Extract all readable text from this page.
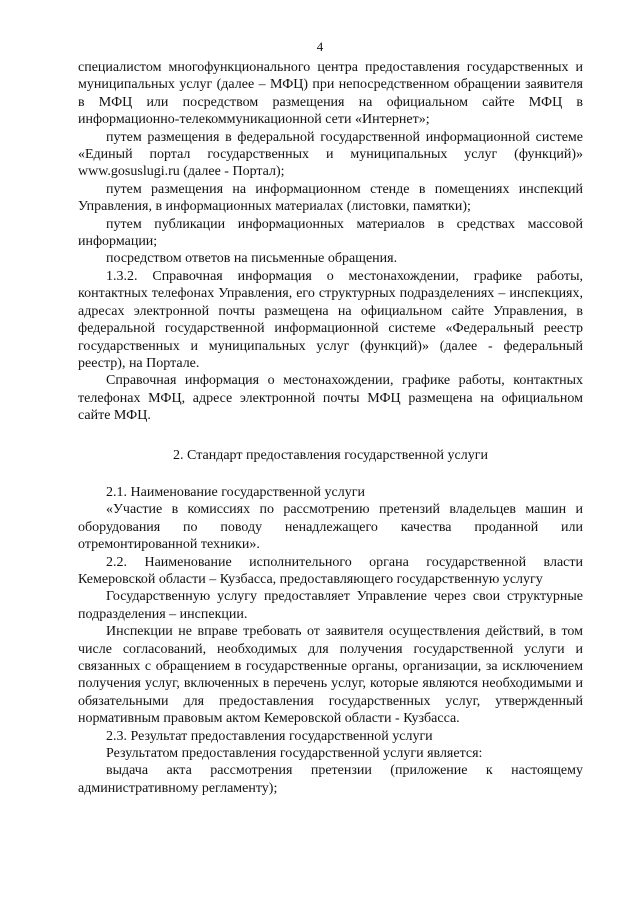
4

специалистом многофункционального центра предоставления государственных и муниципальных услуг (далее – МФЦ) при непосредственном обращении заявителя в МФЦ или посредством размещения на официальном сайте МФЦ в информационно-телекоммуникационной сети «Интернет»;

путем размещения в федеральной государственной информационной системе «Единый портал государственных и муниципальных услуг (функций)» www.gosuslugi.ru (далее - Портал);

путем размещения на информационном стенде в помещениях инспекций Управления, в информационных материалах (листовки, памятки);

путем публикации информационных материалов в средствах массовой информации;

посредством ответов на письменные обращения.

1.3.2. Справочная информация о местонахождении, графике работы, контактных телефонах Управления, его структурных подразделениях – инспекциях, адресах электронной почты размещена на официальном сайте Управления, в федеральной государственной информационной системе «Федеральный реестр государственных и муниципальных услуг (функций)» (далее - федеральный реестр), на Портале.

Справочная информация о местонахождении, графике работы, контактных телефонах МФЦ, адресе электронной почты МФЦ размещена на официальном сайте МФЦ.

2. Стандарт предоставления государственной услуги

2.1. Наименование государственной услуги

«Участие в комиссиях по рассмотрению претензий владельцев машин и оборудования по поводу ненадлежащего качества проданной или отремонтированной техники».

2.2. Наименование исполнительного органа государственной власти Кемеровской области – Кузбасса, предоставляющего государственную услугу

Государственную услугу предоставляет Управление через свои структурные подразделения – инспекции.

Инспекции не вправе требовать от заявителя осуществления действий, в том числе согласований, необходимых для получения государственной услуги и связанных с обращением в государственные органы, организации, за исключением получения услуг, включенных в перечень услуг, которые являются необходимыми и обязательными для предоставления государственных услуг, утвержденный нормативным правовым актом Кемеровской области - Кузбасса.

2.3. Результат предоставления государственной услуги

Результатом предоставления государственной услуги является:

выдача акта рассмотрения претензии (приложение к настоящему административному регламенту);
